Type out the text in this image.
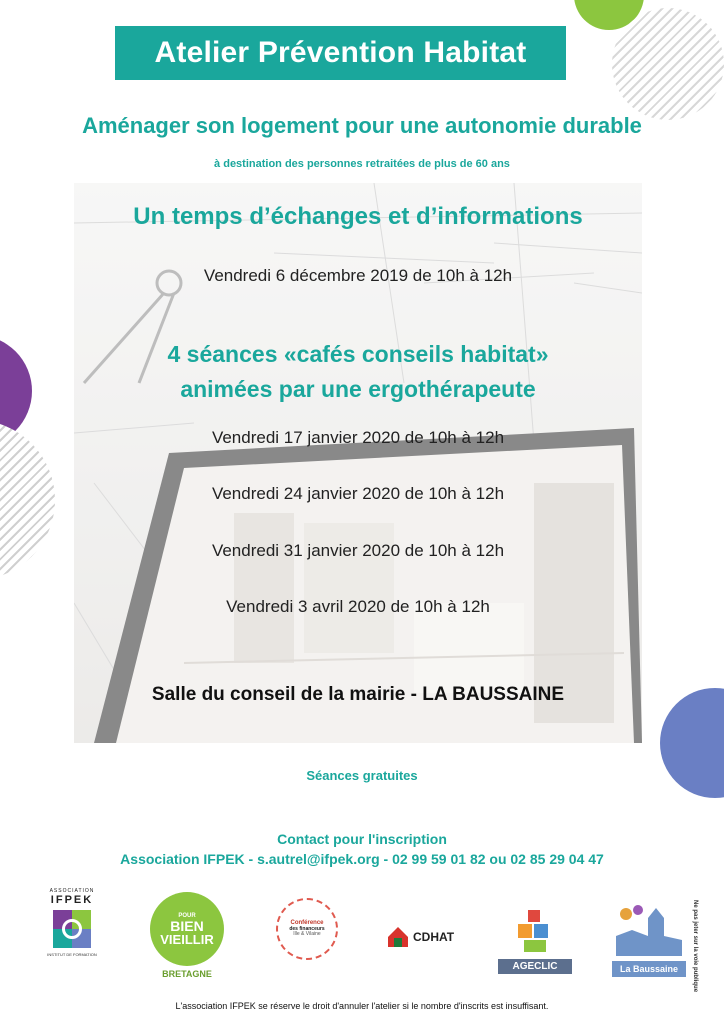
Atelier Prévention Habitat
Aménager son logement pour une autonomie durable
à destination des personnes retraitées de plus de 60 ans
Un temps d’échanges et d’informations
Vendredi 6 décembre 2019 de 10h à 12h
4 séances «cafés conseils habitat»
animées par une ergothérapeute
Vendredi 17 janvier 2020 de 10h à 12h
Vendredi 24 janvier 2020 de 10h à 12h
Vendredi 31 janvier 2020 de 10h à 12h
Vendredi 3 avril 2020 de 10h à 12h
Salle du conseil de la mairie - LA BAUSSAINE
Séances gratuites
Contact pour l'inscription
Association IFPEK - s.autrel@ifpek.org - 02 99 59 01 82 ou 02 85 29 04 47
ASSOCIATION
IFPEK
INSTITUT DE FORMATION
POUR
BIEN
VIEILLIR
BRETAGNE
Conférence
des financeurs
Ille & Vilaine	CDHAT
AGECLIC	La Baussaine
L'association IFPEK se réserve le droit d'annuler l'atelier si le nombre d'inscrits est insuffisant.
Ne pas jeter sur la voie publique
